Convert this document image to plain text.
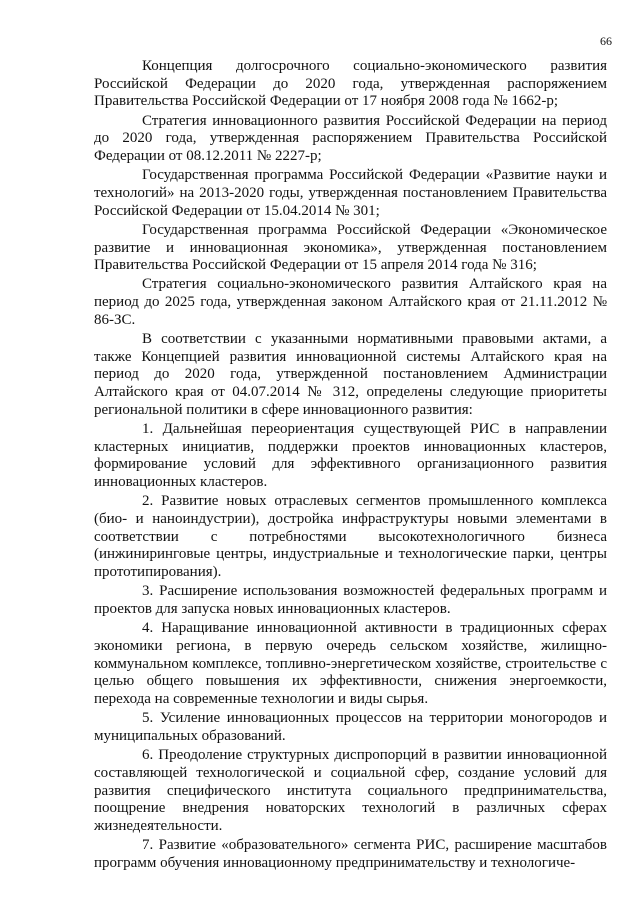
66

Концепция долгосрочного социально-экономического развития Российской Федерации до 2020 года, утвержденная распоряжением Правительства Российской Федерации от 17 ноября 2008 года № 1662-р;

Стратегия инновационного развития Российской Федерации на период до 2020 года, утвержденная распоряжением Правительства Российской Федерации от 08.12.2011 № 2227-р;

Государственная программа Российской Федерации «Развитие науки и технологий» на 2013-2020 годы, утвержденная постановлением Правительства Российской Федерации от 15.04.2014 № 301;

Государственная программа Российской Федерации «Экономическое развитие и инновационная экономика», утвержденная постановлением Правительства Российской Федерации от 15 апреля 2014 года № 316;

Стратегия социально-экономического развития Алтайского края на период до 2025 года, утвержденная законом Алтайского края от 21.11.2012 № 86-ЗС.

В соответствии с указанными нормативными правовыми актами, а также Концепцией развития инновационной системы Алтайского края на период до 2020 года, утвержденной постановлением Администрации Алтайского края от 04.07.2014 № 312, определены следующие приоритеты региональной политики в сфере инновационного развития:

1. Дальнейшая переориентация существующей РИС в направлении кластерных инициатив, поддержки проектов инновационных кластеров, формирование условий для эффективного организационного развития инновационных кластеров.

2. Развитие новых отраслевых сегментов промышленного комплекса (био- и наноиндустрии), достройка инфраструктуры новыми элементами в соответствии с потребностями высокотехнологичного бизнеса (инжиниринговые центры, индустриальные и технологические парки, центры прототипирования).

3. Расширение использования возможностей федеральных программ и проектов для запуска новых инновационных кластеров.

4. Наращивание инновационной активности в традиционных сферах экономики региона, в первую очередь сельском хозяйстве, жилищно-коммунальном комплексе, топливно-энергетическом хозяйстве, строительстве с целью общего повышения их эффективности, снижения энергоемкости, перехода на современные технологии и виды сырья.

5. Усиление инновационных процессов на территории моногородов и муниципальных образований.

6. Преодоление структурных диспропорций в развитии инновационной составляющей технологической и социальной сфер, создание условий для развития специфического института социального предпринимательства, поощрение внедрения новаторских технологий в различных сферах жизнедеятельности.

7. Развитие «образовательного» сегмента РИС, расширение масштабов программ обучения инновационному предпринимательству и технологиче-
